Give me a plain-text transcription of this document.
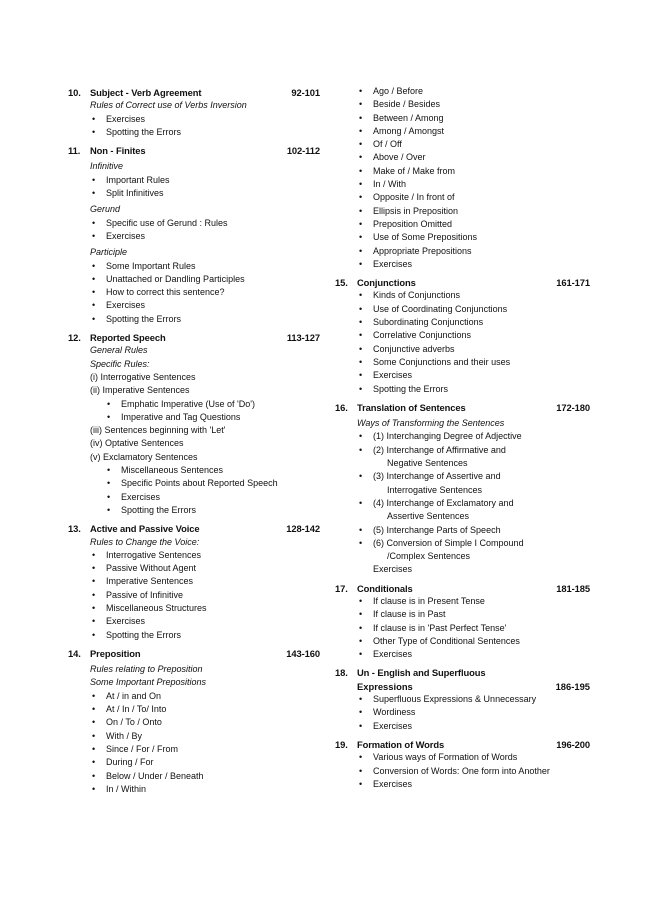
10. Subject - Verb Agreement	92-101
Rules of Correct use of Verbs Inversion
• Exercises
• Spotting the Errors
11.	Non - Finites	102-112
Infinitive
• Important Rules
• Split Infinitives
Gerund
• Specific use of Gerund : Rules
• Exercises
Participle
• Some Important Rules
• Unattached or Dandling Participles
• How to correct this sentence?
• Exercises
• Spotting the Errors
12. Reported Speech	113-127
General Rules
Specific Rules:
(i) Interrogative Sentences
(ii) Imperative Sentences
• Emphatic Imperative (Use of 'Do')
• Imperative and Tag Questions
(iii) Sentences beginning with 'Let'
(iv) Optative Sentences
(v) Exclamatory Sentences
• Miscellaneous Sentences
• Specific Points about Reported Speech
• Exercises
• Spotting the Errors
13. Active and Passive Voice	128-142
Rules to Change the Voice:
• Interrogative Sentences
• Passive Without Agent
• Imperative Sentences
• Passive of Infinitive
• Miscellaneous Structures
• Exercises
• Spotting the Errors
14. Preposition	143-160
Rules relating to Preposition
Some Important Prepositions
• At / in and On
• At / In / To/ Into
• On / To / Onto
• With / By
• Since / For / From
• During / For
• Below / Under / Beneath
• In / Within
• Ago / Before
• Beside / Besides
• Between / Among
• Among / Amongst
• Of / Off
• Above / Over
• Make of / Make from
• In / With
• Opposite / In front of
• Ellipsis in Preposition
• Preposition Omitted
• Use of Some Prepositions
• Appropriate Prepositions
• Exercises
15. Conjunctions	161-171
• Kinds of Conjunctions
• Use of Coordinating Conjunctions
• Subordinating Conjunctions
• Correlative Conjunctions
• Conjunctive adverbs
• Some Conjunctions and their uses
• Exercises
• Spotting the Errors
16. Translation of Sentences	172-180
Ways of Transforming the Sentences
• (1) Interchanging Degree of Adjective
• (2) Interchange of Affirmative and
Negative Sentences
• (3) Interchange of Assertive and
Interrogative Sentences
• (4) Interchange of Exclamatory and
Assertive Sentences
• (5) Interchange Parts of Speech
• (6) Conversion of Simple I Compound
/Complex Sentences
Exercises
17. Conditionals	181-185
• If clause is in Present Tense
• If clause is in Past
• If clause is in 'Past Perfect Tense'
• Other Type of Conditional Sentences
• Exercises
18. Un - English and Superfluous
Expressions	186-195
• Superfluous Expressions & Unnecessary
• Wordiness
• Exercises
19. Formation of Words	196-200
• Various ways of Formation of Words
• Conversion of Words: One form into Another
• Exercises
